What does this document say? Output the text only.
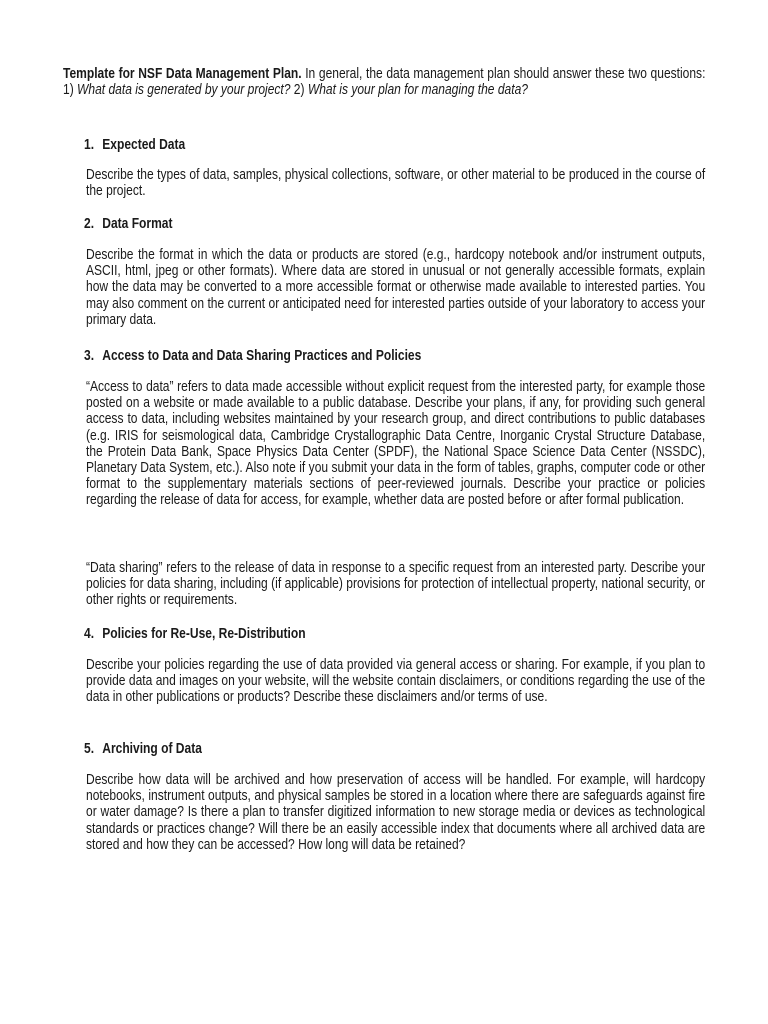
Template for NSF Data Management Plan. In general, the data management plan should answer these two questions: 1) What data is generated by your project? 2) What is your plan for managing the data?
1. Expected Data
Describe the types of data, samples, physical collections, software, or other material to be produced in the course of the project.
2. Data Format
Describe the format in which the data or products are stored (e.g., hardcopy notebook and/or instrument outputs, ASCII, html, jpeg or other formats). Where data are stored in unusual or not generally accessible formats, explain how the data may be converted to a more accessible format or otherwise made available to interested parties. You may also comment on the current or anticipated need for interested parties outside of your laboratory to access your primary data.
3. Access to Data and Data Sharing Practices and Policies
“Access to data” refers to data made accessible without explicit request from the interested party, for example those posted on a website or made available to a public database. Describe your plans, if any, for providing such general access to data, including websites maintained by your research group, and direct contributions to public databases (e.g. IRIS for seismological data, Cambridge Crystallographic Data Centre, Inorganic Crystal Structure Database, the Protein Data Bank, Space Physics Data Center (SPDF), the National Space Science Data Center (NSSDC), Planetary Data System, etc.). Also note if you submit your data in the form of tables, graphs, computer code or other format to the supplementary materials sections of peer-reviewed journals. Describe your practice or policies regarding the release of data for access, for example, whether data are posted before or after formal publication.
“Data sharing” refers to the release of data in response to a specific request from an interested party. Describe your policies for data sharing, including (if applicable) provisions for protection of intellectual property, national security, or other rights or requirements.
4. Policies for Re-Use, Re-Distribution
Describe your policies regarding the use of data provided via general access or sharing. For example, if you plan to provide data and images on your website, will the website contain disclaimers, or conditions regarding the use of the data in other publications or products? Describe these disclaimers and/or terms of use.
5. Archiving of Data
Describe how data will be archived and how preservation of access will be handled. For example, will hardcopy notebooks, instrument outputs, and physical samples be stored in a location where there are safeguards against fire or water damage? Is there a plan to transfer digitized information to new storage media or devices as technological standards or practices change? Will there be an easily accessible index that documents where all archived data are stored and how they can be accessed? How long will data be retained?
